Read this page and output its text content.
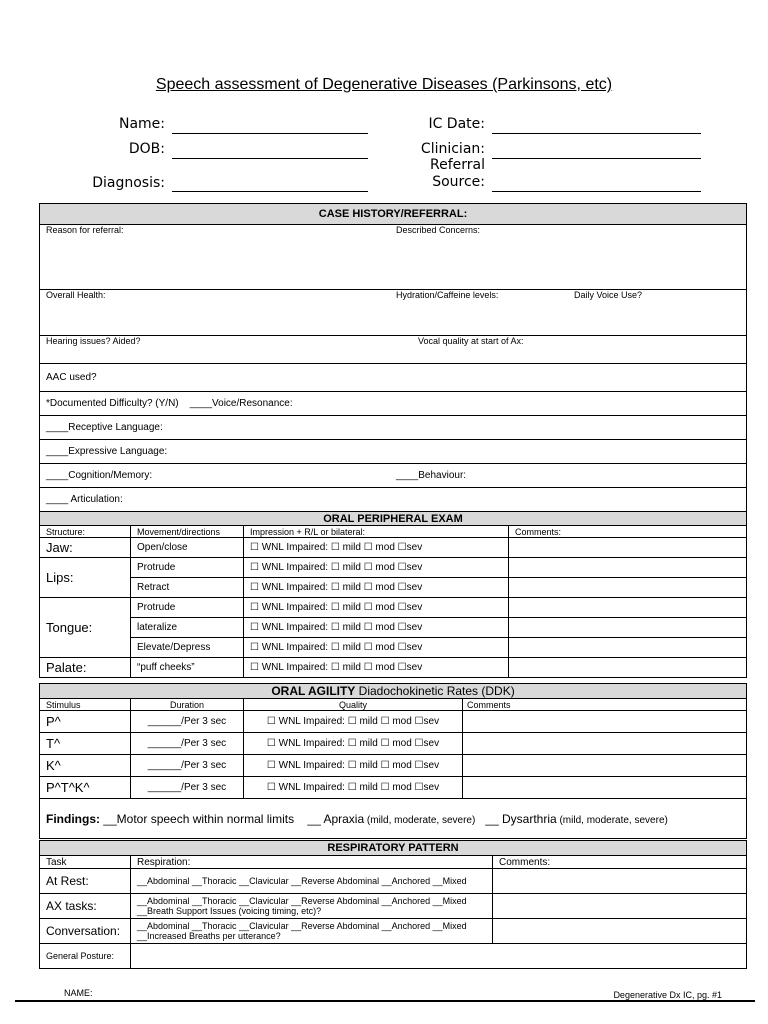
Speech assessment of Degenerative Diseases (Parkinsons, etc)
Name:
DOB:
Diagnosis:
IC Date:
Clinician:
Referral
Source:
CASE HISTORY/REFERRAL:

Reason for referral:	Described Concerns:

Overall Health:	Hydration/Caffeine levels:	Daily Voice Use?

Hearing issues? Aided?	Vocal quality at start of Ax:

AAC used?
*Documented Difficulty? (Y/N) ____Voice/Resonance:
____Receptive Language:
____Expressive Language:

____Cognition/Memory:	____Behaviour:

____ Articulation:
ORAL PERIPHERAL EXAM			
Structure:	Movement/directions	Impression + R/L or bilateral:	Comments:
Jaw:	Open/close	☐ WNL Impaired: ☐ mild ☐ mod ☐sev	
Lips:	Protrude	☐ WNL Impaired: ☐ mild ☐ mod ☐sev	
	Retract	☐ WNL Impaired: ☐ mild ☐ mod ☐sev	
Tongue:	Protrude	☐ WNL Impaired: ☐ mild ☐ mod ☐sev	
	lateralize	☐ WNL Impaired: ☐ mild ☐ mod ☐sev	
	Elevate/Depress	☐ WNL Impaired: ☐ mild ☐ mod ☐sev	
Palate:	“puff cheeks”	☐ WNL Impaired: ☐ mild ☐ mod ☐sev	
ORAL AGILITY Diadochokinetic Rates (DDK)			
Stimulus	Duration	Quality	Comments
P^	______/Per 3 sec	☐ WNL Impaired: ☐ mild ☐ mod ☐sev	
T^	______/Per 3 sec	☐ WNL Impaired: ☐ mild ☐ mod ☐sev	
K^	______/Per 3 sec	☐ WNL Impaired: ☐ mild ☐ mod ☐sev	
P^T^K^	______/Per 3 sec	☐ WNL Impaired: ☐ mild ☐ mod ☐sev	
Findings: __Motor speech within normal limits __ Apraxia (mild, moderate, severe) __ Dysarthria (mild, moderate, severe)			
RESPIRATORY PATTERN		
Task	Respiration:	Comments:
At Rest:	__Abdominal __Thoracic __Clavicular __Reverse Abdominal __Anchored __Mixed	
AX tasks:	__Abdominal __Thoracic __Clavicular __Reverse Abdominal __Anchored __Mixed
__Breath Support Issues (voicing timing, etc)?	

Conversation:	__Abdominal __Thoracic __Clavicular __Reverse Abdominal __Anchored __Mixed
__Increased Breaths per utterance?	

General Posture:		
NAME:	Degenerative Dx IC, pg. #1
